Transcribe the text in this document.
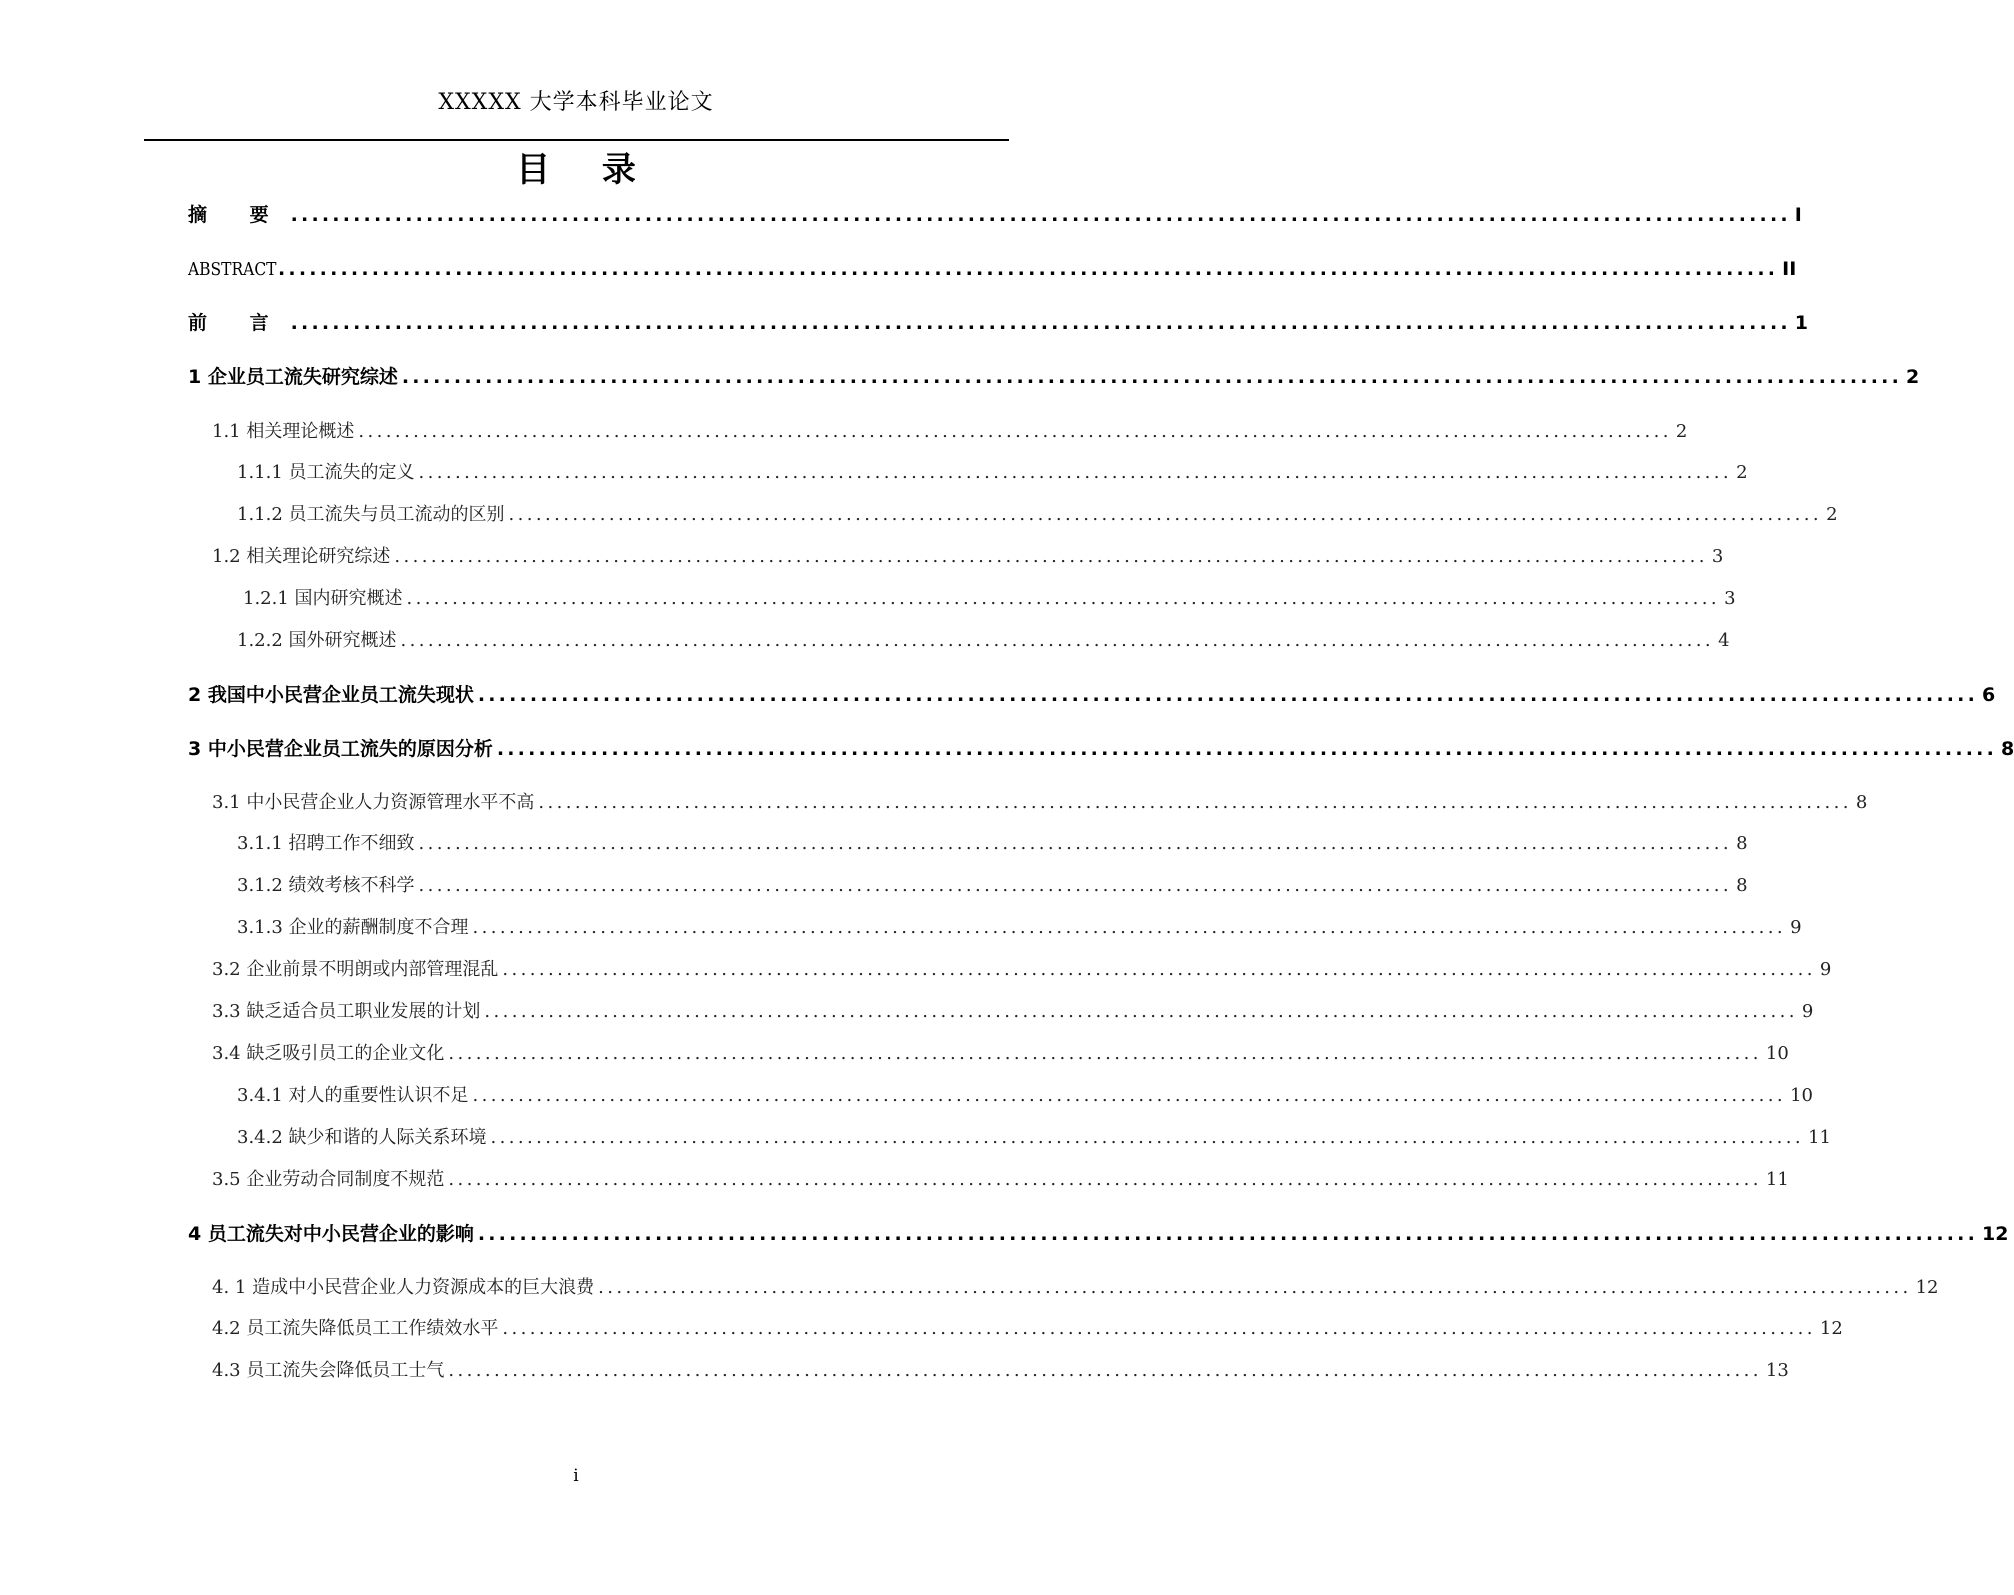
XXXXX 大学本科毕业论文
目 录
摘 要 ................................................................................................................................................ I
ABSTRACT ................................................................................................................................................ II
前 言 ................................................................................................................................................ 1
1 企业员工流失研究综述 ................................................................................................................................................ 2
1.1 相关理论概述 ................................................................................................................................................ 2
1.1.1 员工流失的定义 ................................................................................................................................................ 2
1.1.2 员工流失与员工流动的区别 ................................................................................................................................................ 2
1.2 相关理论研究综述 ................................................................................................................................................ 3
1.2.1 国内研究概述 ................................................................................................................................................ 3
1.2.2 国外研究概述 ................................................................................................................................................ 4
2 我国中小民营企业员工流失现状 ................................................................................................................................................ 6
3 中小民营企业员工流失的原因分析 ................................................................................................................................................ 8
3.1 中小民营企业人力资源管理水平不高 ................................................................................................................................................ 8
3.1.1 招聘工作不细致 ................................................................................................................................................ 8
3.1.2 绩效考核不科学 ................................................................................................................................................ 8
3.1.3 企业的薪酬制度不合理 ................................................................................................................................................ 9
3.2 企业前景不明朗或内部管理混乱 ................................................................................................................................................ 9
3.3 缺乏适合员工职业发展的计划 ................................................................................................................................................ 9
3.4 缺乏吸引员工的企业文化 ................................................................................................................................................ 10
3.4.1 对人的重要性认识不足 ................................................................................................................................................ 10
3.4.2 缺少和谐的人际关系环境 ................................................................................................................................................ 11
3.5 企业劳动合同制度不规范 ................................................................................................................................................ 11
4 员工流失对中小民营企业的影响 ................................................................................................................................................ 12
4. 1 造成中小民营企业人力资源成本的巨大浪费 ................................................................................................................................................ 12
4.2 员工流失降低员工工作绩效水平 ................................................................................................................................................ 12
4.3 员工流失会降低员工士气 ................................................................................................................................................ 13
i
